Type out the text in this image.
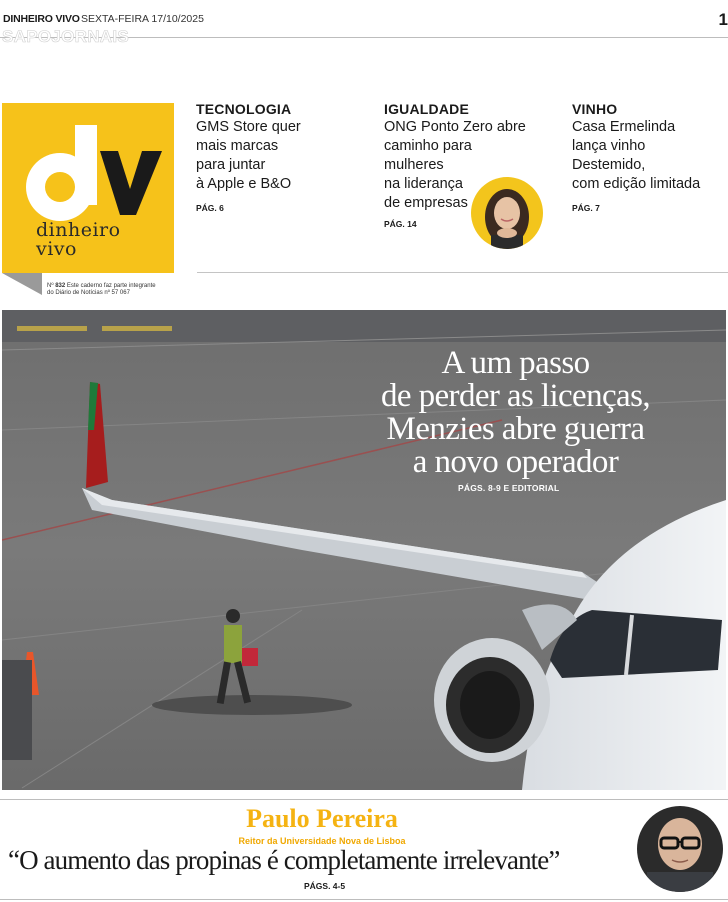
DINHEIRO VIVO SEXTA-FEIRA 17/10/2025	1
SAPOJORNAIS
dinheiro
vivo
Nº 832 Este caderno faz parte integrante
do Diário de Notícias nº 57 067
TECNOLOGIA
GMS Store quer
mais marcas
para juntar
à Apple e B&O
PÁG. 6
IGUALDADE
ONG Ponto Zero abre
caminho para
mulheres
na liderança
de empresas
PÁG. 14
VINHO
Casa Ermelinda
lança vinho
Destemido,
com edição limitada
PÁG. 7
A um passo
de perder as licenças,
Menzies abre guerra
a novo operador
PÁGS. 8-9 E EDITORIAL
Paulo Pereira
Reitor da Universidade Nova de Lisboa
“O aumento das propinas é completamente irrelevante”
PÁGS. 4-5
